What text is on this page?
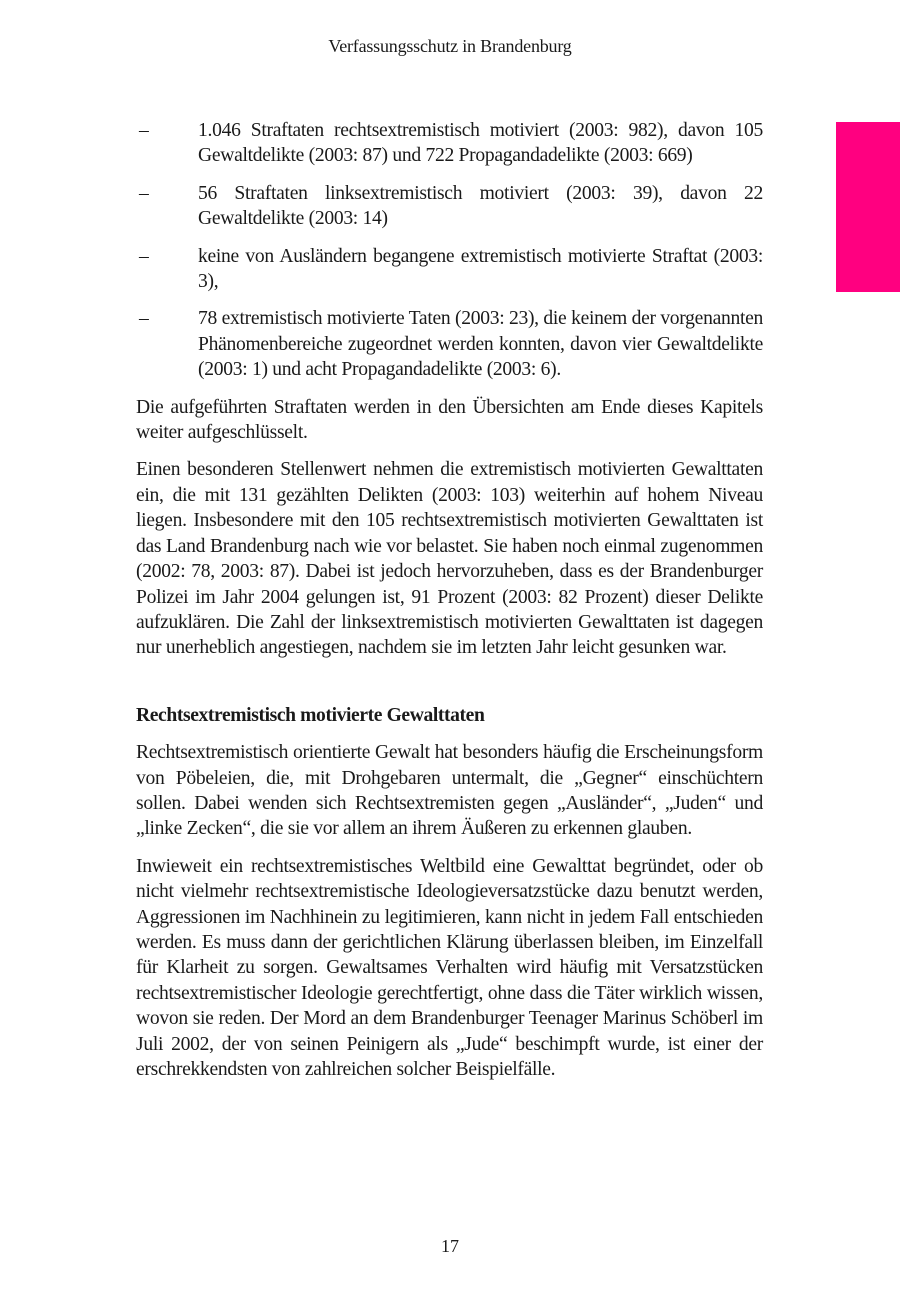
Verfassungsschutz in Brandenburg
–	1.046 Straftaten rechtsextremistisch motiviert (2003: 982), davon 105 Gewaltdelikte (2003: 87) und 722 Propagandadelikte (2003: 669)
–	56 Straftaten linksextremistisch motiviert (2003: 39), davon 22 Gewaltdelikte (2003: 14)
–	keine von Ausländern begangene extremistisch motivierte Straftat (2003: 3),
–	78 extremistisch motivierte Taten (2003: 23), die keinem der vorgenannten Phänomenbereiche zugeordnet werden konnten, davon vier Gewaltdelikte (2003: 1) und acht Propagandadelikte (2003: 6).

Die aufgeführten Straftaten werden in den Übersichten am Ende dieses Kapitels weiter aufgeschlüsselt.

Einen besonderen Stellenwert nehmen die extremistisch motivierten Gewalttaten ein, die mit 131 gezählten Delikten (2003: 103) weiterhin auf hohem Niveau liegen. Insbesondere mit den 105 rechtsextremistisch motivierten Gewalttaten ist das Land Brandenburg nach wie vor belastet. Sie haben noch einmal zugenommen (2002: 78, 2003: 87). Dabei ist jedoch hervorzuheben, dass es der Brandenburger Polizei im Jahr 2004 gelungen ist, 91 Prozent (2003: 82 Prozent) dieser Delikte aufzuklären. Die Zahl der linksextremistisch motivierten Gewalttaten ist dagegen nur unerheblich angestiegen, nachdem sie im letzten Jahr leicht gesunken war.

Rechtsextremistisch motivierte Gewalttaten

Rechtsextremistisch orientierte Gewalt hat besonders häufig die Erscheinungsform von Pöbeleien, die, mit Drohgebaren untermalt, die „Gegner“ einschüchtern sollen. Dabei wenden sich Rechtsextremisten gegen „Ausländer“, „Juden“ und „linke Zecken“, die sie vor allem an ihrem Äußeren zu erkennen glauben.

Inwieweit ein rechtsextremistisches Weltbild eine Gewalttat begründet, oder ob nicht vielmehr rechtsextremistische Ideologieversatzstücke dazu benutzt werden, Aggressionen im Nachhinein zu legitimieren, kann nicht in jedem Fall entschieden werden. Es muss dann der gerichtlichen Klärung überlassen bleiben, im Einzelfall für Klarheit zu sorgen. Gewaltsames Verhalten wird häufig mit Versatzstücken rechtsextremistischer Ideologie gerechtfertigt, ohne dass die Täter wirklich wissen, wovon sie reden. Der Mord an dem Brandenburger Teenager Marinus Schöberl im Juli 2002, der von seinen Peinigern als „Jude“ beschimpft wurde, ist einer der erschrekkendsten von zahlreichen solcher Beispielfälle.

17
